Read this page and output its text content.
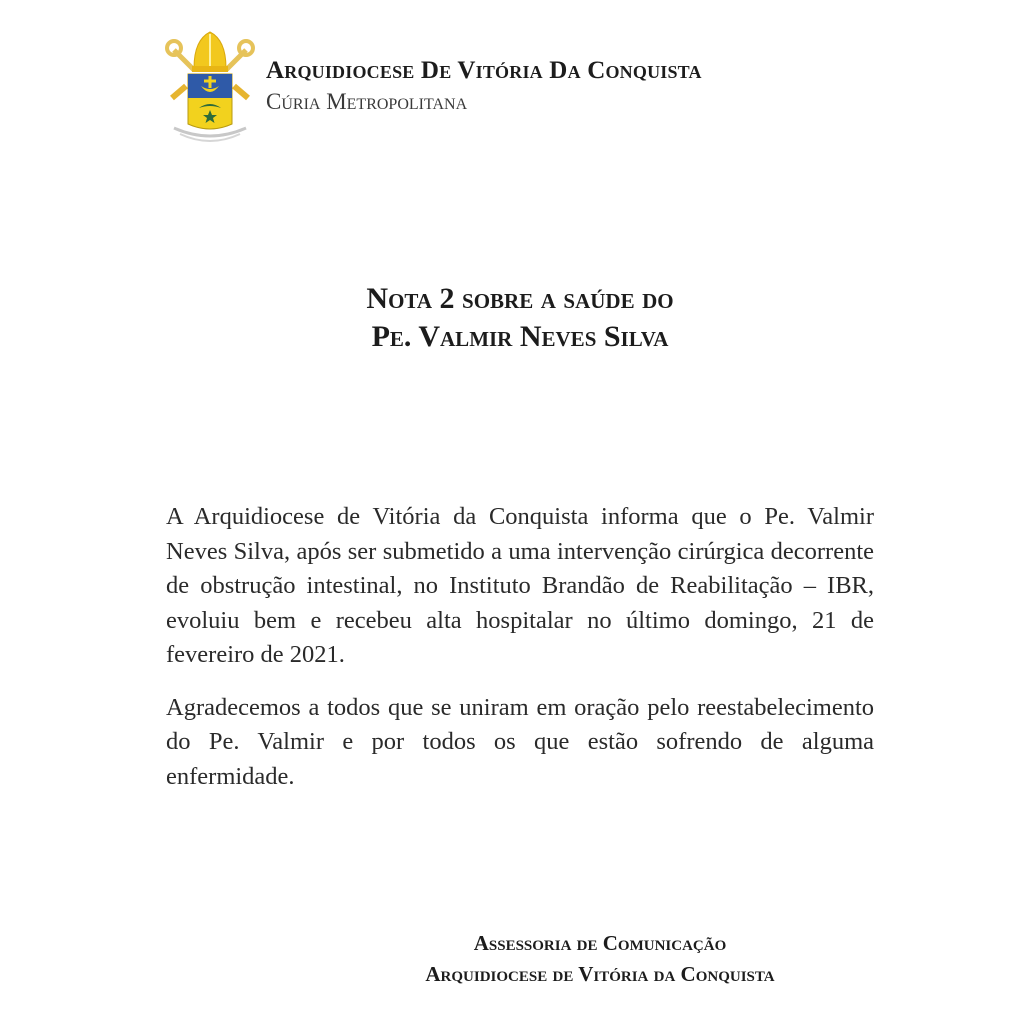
Arquidiocese De Vitória Da Conquista
Cúria Metropolitana
Nota 2 sobre a saúde do
Pe. Valmir Neves Silva

A Arquidiocese de Vitória da Conquista informa que o Pe. Valmir Neves Silva, após ser submetido a uma intervenção cirúrgica decorrente de obstrução intestinal, no Instituto Brandão de Reabilitação – IBR, evoluiu bem e recebeu alta hospitalar no último domingo, 21 de fevereiro de 2021.

Agradecemos a todos que se uniram em oração pelo reestabelecimento do Pe. Valmir e por todos os que estão sofrendo de alguma enfermidade.

Assessoria de Comunicação
Arquidiocese de Vitória da Conquista
